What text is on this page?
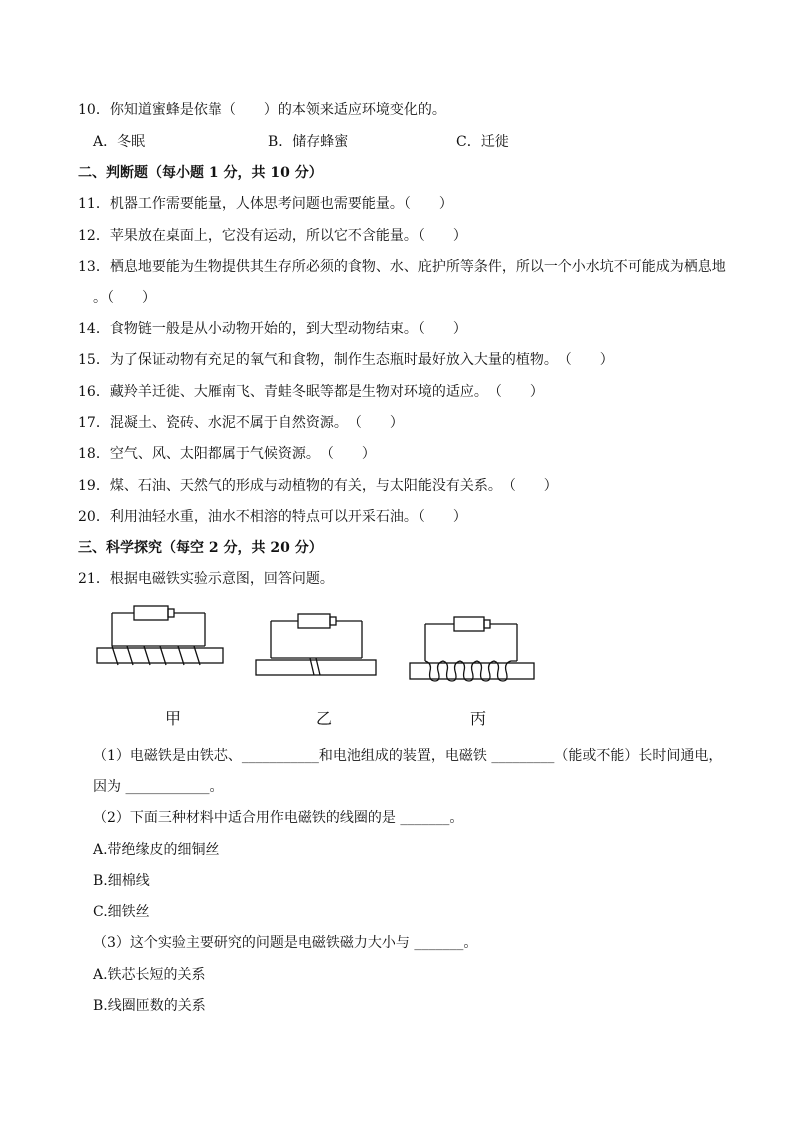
10．你知道蜜蜂是依靠（　　）的本领来适应环境变化的。
A．冬眠	B．储存蜂蜜	C．迁徙
二、判断题（每小题 1 分，共 10 分）
11．机器工作需要能量，人体思考问题也需要能量。（　　）
12．苹果放在桌面上，它没有运动，所以它不含能量。（　　）
13．栖息地要能为生物提供其生存所必须的食物、水、庇护所等条件，所以一个小水坑不可能成为栖息地
。（　　）
14．食物链一般是从小动物开始的，到大型动物结束。（　　）
15．为了保证动物有充足的氧气和食物，制作生态瓶时最好放入大量的植物。　（　　）
16．藏羚羊迁徙、大雁南飞、青蛙冬眠等都是生物对环境的适应。　（　　）
17．混凝土、瓷砖、水泥不属于自然资源。　（　　）
18．空气、风、太阳都属于气候资源。　（　　）
19．煤、石油、天然气的形成与动植物的有关，与太阳能没有关系。　（　　）
20．利用油轻水重，油水不相溶的特点可以开采石油。（　　）
三、科学探究（每空 2 分，共 20 分）
21．根据电磁铁实验示意图，回答问题。
甲	乙	丙
（1）电磁铁是由铁芯、___________和电池组成的装置，电磁铁 _________（能或不能）长时间通电，
因为 ____________。
（2）下面三种材料中适合用作电磁铁的线圈的是 _______。
A.带绝缘皮的细铜丝
B.细棉线
C.细铁丝
（3）这个实验主要研究的问题是电磁铁磁力大小与 _______。
A.铁芯长短的关系
B.线圈匝数的关系
